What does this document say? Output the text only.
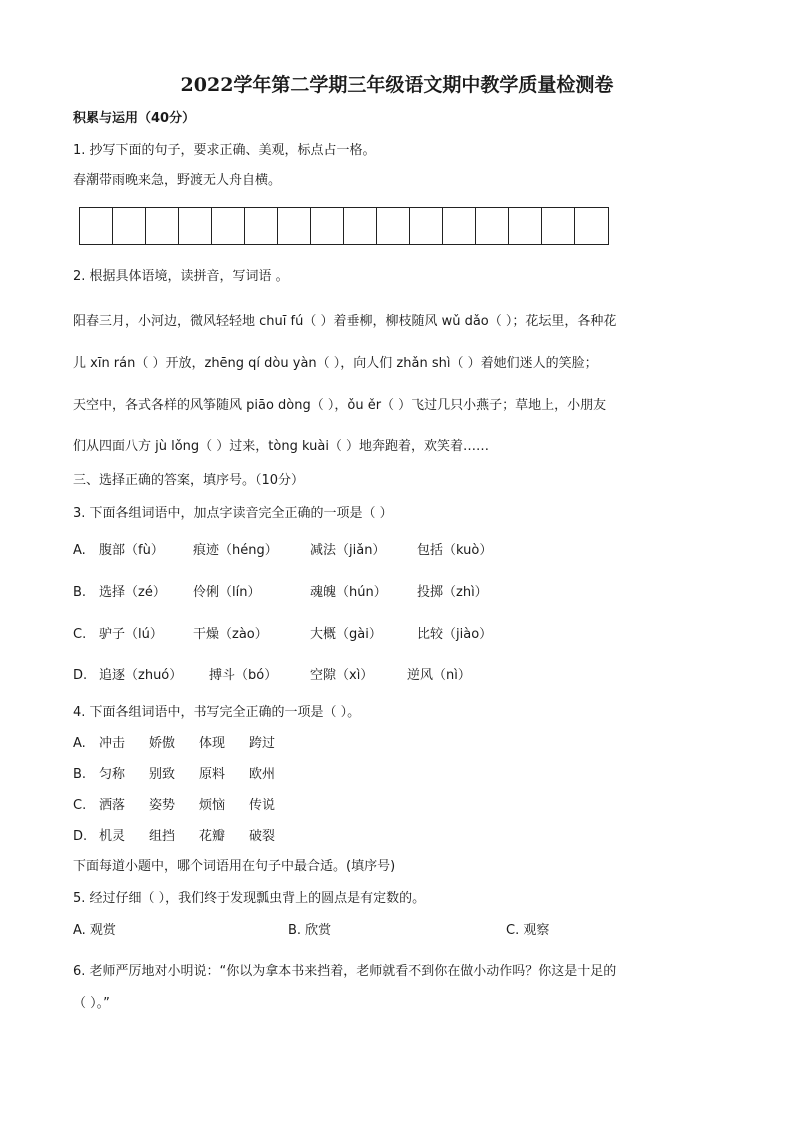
2022学年第二学期三年级语文期中教学质量检测卷
积累与运用（40分）
1. 抄写下面的句子，要求正确、美观，标点占一格。
春潮带雨晚来急，野渡无人舟自横。
2. 根据具体语境，读拼音，写词语 。
阳春三月，小河边，微风轻轻地 chuī fú（ ）着垂柳，柳枝随风 wǔ dǎo（ ）；花坛里，各种花
儿 xīn rán（ ）开放，zhēng qí dòu yàn（ ），向人们 zhǎn shì（ ）着她们迷人的笑脸；
天空中，各式各样的风筝随风 piāo dòng（ ），ǒu ěr（ ）飞过几只小燕子；草地上，小朋友
们从四面八方 jù lǒng（ ）过来，tòng kuài（ ）地奔跑着，欢笑着……
三、选择正确的答案，填序号。（10分）
3. 下面各组词语中，加点字读音完全正确的一项是（ ）
A.	腹部（fù）	痕迹（héng）	减法（jiǎn）	包括（kuò）
B. 选择（zé）	伶俐（lín）	魂魄（hún）	投掷（zhì）
C. 驴子（lú）	干燥（zào）	大概（gài）	比较（jiào）
D. 追逐（zhuó）	搏斗（bó）	空隙（xì）	逆风（nì）
4. 下面各组词语中，书写完全正确的一项是（ ）。
A.	冲击 娇傲 体现 跨过
B. 匀称 别致 原料 欧州
C. 洒落 姿势 烦恼 传说
D. 机灵 组挡 花瓣 破裂
下面每道小题中，哪个词语用在句子中最合适。(填序号)
5. 经过仔细（ ），我们终于发现瓢虫背上的圆点是有定数的。
A. 观赏	B. 欣赏	C. 观察
6. 老师严厉地对小明说：“你以为拿本书来挡着，老师就看不到你在做小动作吗？你这是十足的
（ ）。”
